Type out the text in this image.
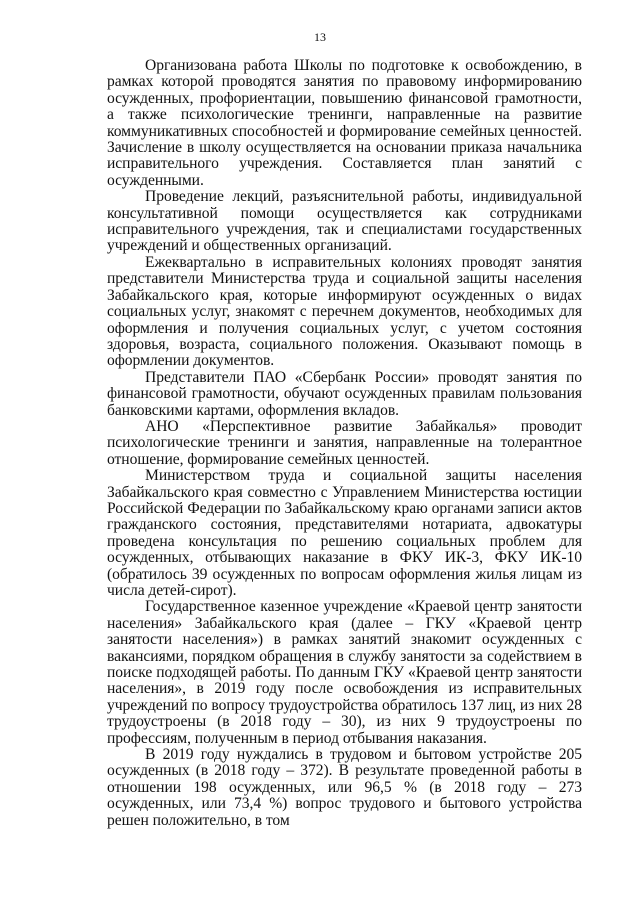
13

Организована работа Школы по подготовке к освобождению, в рамках которой проводятся занятия по правовому информированию осужденных, профориентации, повышению финансовой грамотности, а также психологические тренинги, направленные на развитие коммуникативных способностей и формирование семейных ценностей. Зачисление в школу осуществляется на основании приказа начальника исправительного учреждения. Составляется план занятий с осужденными.

Проведение лекций, разъяснительной работы, индивидуальной консультативной помощи осуществляется как сотрудниками исправительного учреждения, так и специалистами государственных учреждений и общественных организаций.

Ежеквартально в исправительных колониях проводят занятия представители Министерства труда и социальной защиты населения Забайкальского края, которые информируют осужденных о видах социальных услуг, знакомят с перечнем документов, необходимых для оформления и получения социальных услуг, с учетом состояния здоровья, возраста, социального положения. Оказывают помощь в оформлении документов.

Представители ПАО «Сбербанк России» проводят занятия по финансовой грамотности, обучают осужденных правилам пользования банковскими картами, оформления вкладов.

АНО «Перспективное развитие Забайкалья» проводит психологические тренинги и занятия, направленные на толерантное отношение, формирование семейных ценностей.

Министерством труда и социальной защиты населения Забайкальского края совместно с Управлением Министерства юстиции Российской Федерации по Забайкальскому краю органами записи актов гражданского состояния, представителями нотариата, адвокатуры проведена консультация по решению социальных проблем для осужденных, отбывающих наказание в ФКУ ИК-3, ФКУ ИК-10 (обратилось 39 осужденных по вопросам оформления жилья лицам из числа детей-сирот).

Государственное казенное учреждение «Краевой центр занятости населения» Забайкальского края (далее – ГКУ «Краевой центр занятости населения») в рамках занятий знакомит осужденных с вакансиями, порядком обращения в службу занятости за содействием в поиске подходящей работы. По данным ГКУ «Краевой центр занятости населения», в 2019 году после освобождения из исправительных учреждений по вопросу трудоустройства обратилось 137 лиц, из них 28 трудоустроены (в 2018 году – 30), из них 9 трудоустроены по профессиям, полученным в период отбывания наказания.

В 2019 году нуждались в трудовом и бытовом устройстве 205 осужденных (в 2018 году – 372). В результате проведенной работы в отношении 198 осужденных, или 96,5 % (в 2018 году – 273 осужденных, или 73,4 %) вопрос трудового и бытового устройства решен положительно, в том
